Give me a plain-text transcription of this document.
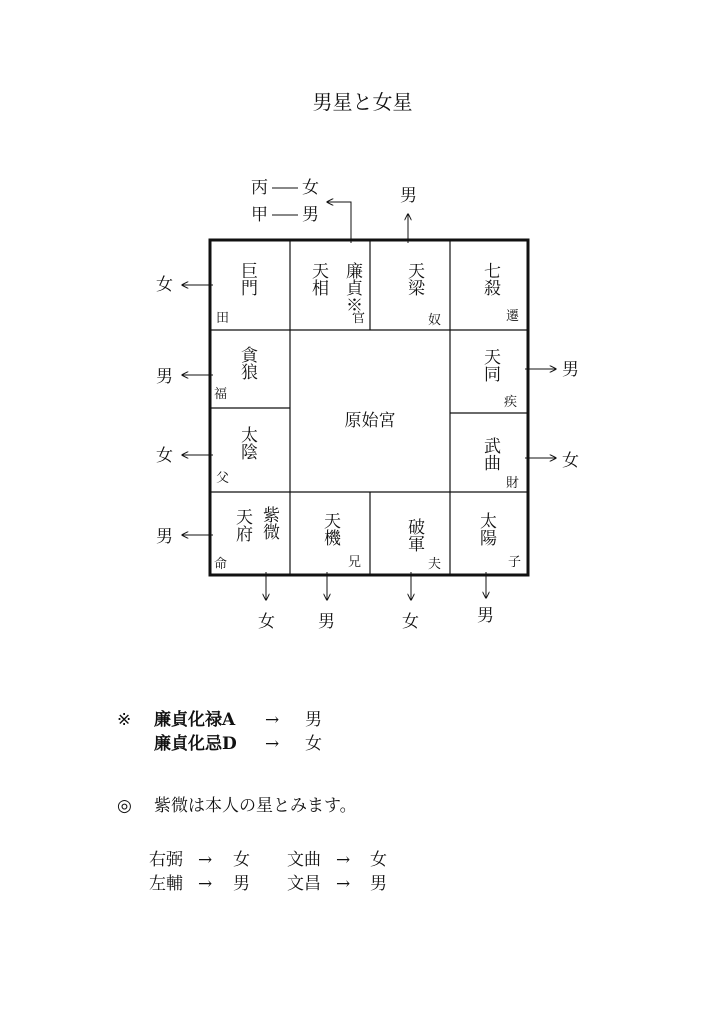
男星と女星
原始宮
巨門
田
天相 廉貞※
官
天梁
奴
七殺
遷
貪狼
福
太陰
父
天同
疾
武曲
財
天府 紫微
命
天機
兄
破軍
夫
太陽
子
丙 女
甲 男
男
女
男
女
男
男
女
女	男	女	男
※ 廉貞化禄A → 男
廉貞化忌D → 女
◎ 紫微は本人の星とみます。
右弼 → 女 文曲 → 女
左輔 → 男 文昌 → 男
